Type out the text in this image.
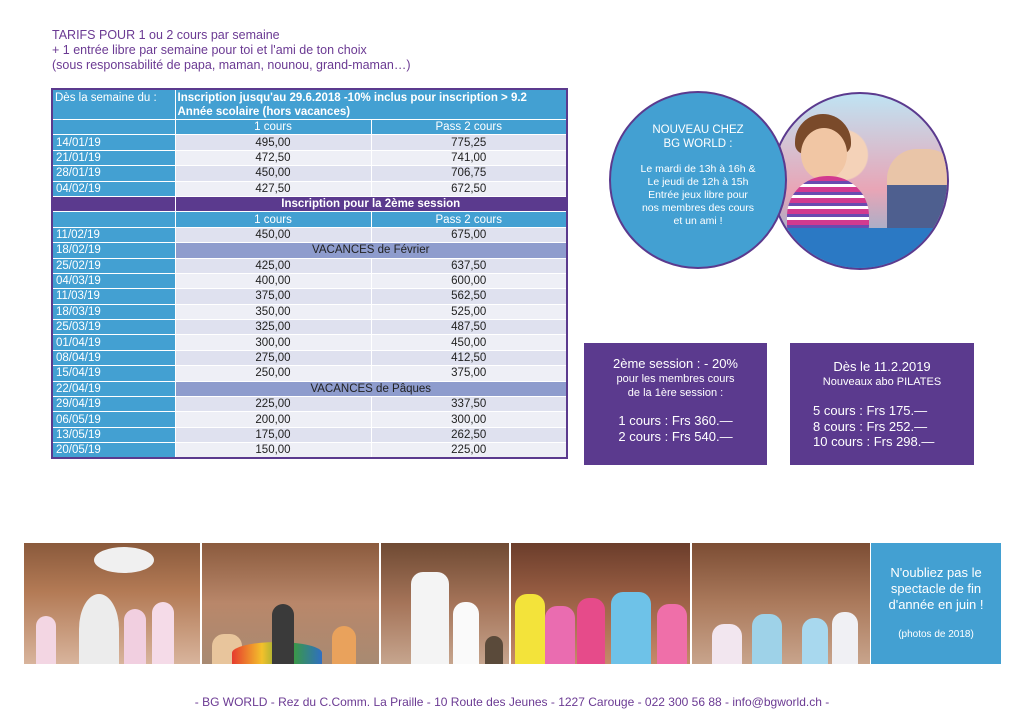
TARIFS POUR 1 ou 2 cours par semaine
+ 1 entrée libre par semaine pour toi et l'ami de ton choix
(sous responsabilité de papa, maman, nounou, grand-maman…)
Dès la semaine du :	Inscription jusqu'au 29.6.2018 -10% inclus pour inscription > 9.2
Année scolaire (hors vacances)	

	1 cours	Pass 2 cours
14/01/19	495,00	775,25
21/01/19	472,50	741,00
28/01/19	450,00	706,75
04/02/19	427,50	672,50
	Inscription pour la 2ème session	
	1 cours	Pass 2 cours
11/02/19	450,00	675,00
18/02/19	VACANCES de Février	
25/02/19	425,00	637,50
04/03/19	400,00	600,00
11/03/19	375,00	562,50
18/03/19	350,00	525,00
25/03/19	325,00	487,50
01/04/19	300,00	450,00
08/04/19	275,00	412,50
15/04/19	250,00	375,00
22/04/19	VACANCES de Pâques	
29/04/19	225,00	337,50
06/05/19	200,00	300,00
13/05/19	175,00	262,50
20/05/19	150,00	225,00
NOUVEAU CHEZ
BG WORLD :
Le mardi de 13h à 16h &
Le jeudi de 12h à 15h
Entrée jeux libre pour
nos membres des cours
et un ami !
2ème session : - 20%
pour les membres cours
de la 1ère session :
1 cours : Frs 360.—
2 cours : Frs 540.—
Dès le 11.2.2019
Nouveaux abo PILATES
5 cours : Frs 175.—
8 cours : Frs 252.—
10 cours : Frs 298.—
N'oubliez pas le
spectacle de fin
d'année en juin !
(photos de 2018)
- BG WORLD - Rez du C.Comm. La Praille - 10 Route des Jeunes - 1227 Carouge - 022 300 56 88 - info@bgworld.ch -
